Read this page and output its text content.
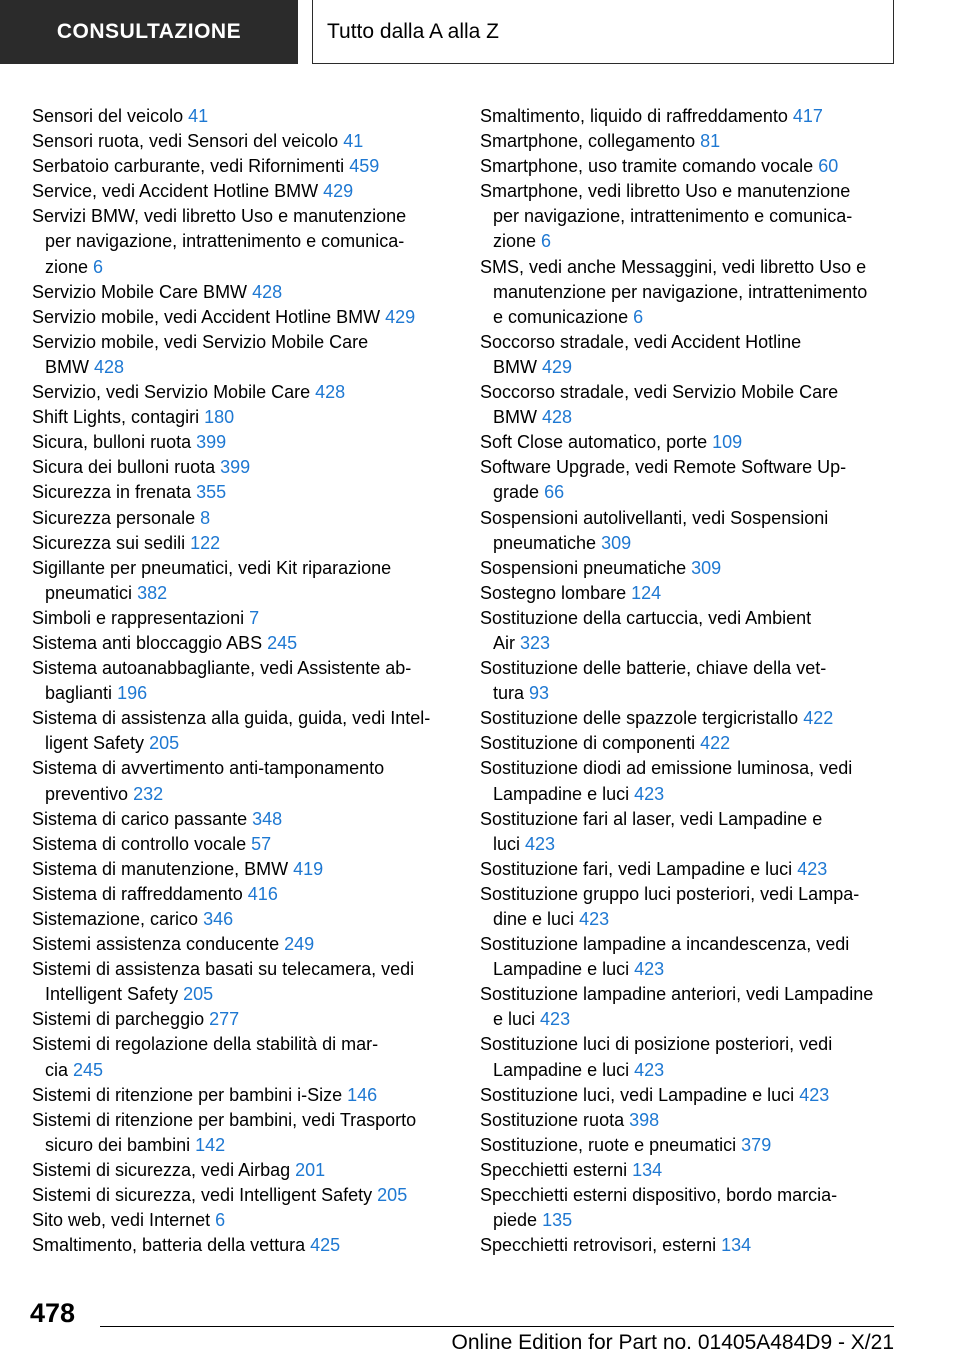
CONSULTAZIONE	Tutto dalla A alla Z
Sensori del veicolo 41
Sensori ruota, vedi Sensori del veicolo 41
Serbatoio carburante, vedi Rifornimenti 459
Service, vedi Accident Hotline BMW 429
Servizi BMW, vedi libretto Uso e manutenzione
per navigazione, intrattenimento e comunica-
zione 6
Servizio Mobile Care BMW 428
Servizio mobile, vedi Accident Hotline BMW 429
Servizio mobile, vedi Servizio Mobile Care
BMW 428
Servizio, vedi Servizio Mobile Care 428
Shift Lights, contagiri 180
Sicura, bulloni ruota 399
Sicura dei bulloni ruota 399
Sicurezza in frenata 355
Sicurezza personale 8
Sicurezza sui sedili 122
Sigillante per pneumatici, vedi Kit riparazione
pneumatici 382
Simboli e rappresentazioni 7
Sistema anti bloccaggio ABS 245
Sistema autoanabbagliante, vedi Assistente ab-
baglianti 196
Sistema di assistenza alla guida, guida, vedi Intel-
ligent Safety 205
Sistema di avvertimento anti-tamponamento
preventivo 232
Sistema di carico passante 348
Sistema di controllo vocale 57
Sistema di manutenzione, BMW 419
Sistema di raffreddamento 416
Sistemazione, carico 346
Sistemi assistenza conducente 249
Sistemi di assistenza basati su telecamera, vedi
Intelligent Safety 205
Sistemi di parcheggio 277
Sistemi di regolazione della stabilità di mar-
cia 245
Sistemi di ritenzione per bambini i-Size 146
Sistemi di ritenzione per bambini, vedi Trasporto
sicuro dei bambini 142
Sistemi di sicurezza, vedi Airbag 201
Sistemi di sicurezza, vedi Intelligent Safety 205
Sito web, vedi Internet 6
Smaltimento, batteria della vettura 425
Smaltimento, liquido di raffreddamento 417
Smartphone, collegamento 81
Smartphone, uso tramite comando vocale 60
Smartphone, vedi libretto Uso e manutenzione
per navigazione, intrattenimento e comunica-
zione 6
SMS, vedi anche Messaggini, vedi libretto Uso e
manutenzione per navigazione, intrattenimento
e comunicazione 6
Soccorso stradale, vedi Accident Hotline
BMW 429
Soccorso stradale, vedi Servizio Mobile Care
BMW 428
Soft Close automatico, porte 109
Software Upgrade, vedi Remote Software Up-
grade 66
Sospensioni autolivellanti, vedi Sospensioni
pneumatiche 309
Sospensioni pneumatiche 309
Sostegno lombare 124
Sostituzione della cartuccia, vedi Ambient
Air 323
Sostituzione delle batterie, chiave della vet-
tura 93
Sostituzione delle spazzole tergicristallo 422
Sostituzione di componenti 422
Sostituzione diodi ad emissione luminosa, vedi
Lampadine e luci 423
Sostituzione fari al laser, vedi Lampadine e
luci 423
Sostituzione fari, vedi Lampadine e luci 423
Sostituzione gruppo luci posteriori, vedi Lampa-
dine e luci 423
Sostituzione lampadine a incandescenza, vedi
Lampadine e luci 423
Sostituzione lampadine anteriori, vedi Lampadine
e luci 423
Sostituzione luci di posizione posteriori, vedi
Lampadine e luci 423
Sostituzione luci, vedi Lampadine e luci 423
Sostituzione ruota 398
Sostituzione, ruote e pneumatici 379
Specchietti esterni 134
Specchietti esterni dispositivo, bordo marcia-
piede 135
Specchietti retrovisori, esterni 134
478
Online Edition for Part no. 01405A484D9 - X/21
